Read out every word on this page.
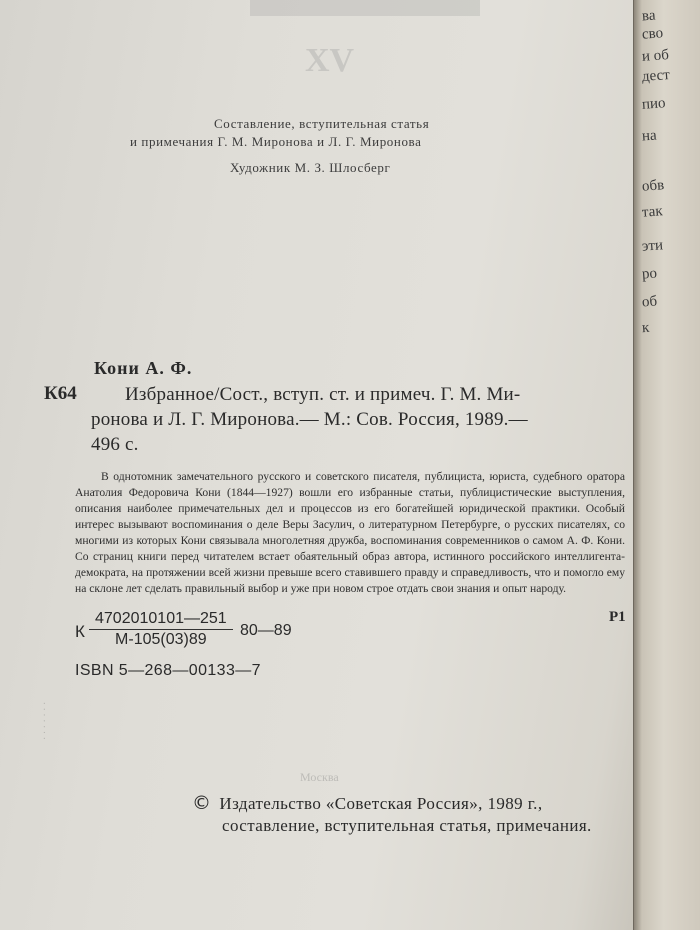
XV
Составление, вступительная статья
и примечания Г. М. Миронова и Л. Г. Миронова
Художник М. З. Шлосберг
Кони А. Ф.
К64	Избранное/Сост., вступ. ст. и примеч. Г. М. Ми-
ронова и Л. Г. Миронова.— М.: Сов. Россия, 1989.—
496 с.

В однотомник замечательного русского и советского писателя, публициста, юриста, судебного оратора Анатолия Федоровича Кони (1844—1927) вошли его избранные статьи, публицистические выступления, описания наиболее примечательных дел и процессов из его богатейшей юридической практики. Особый интерес вызывают воспоминания о деле Веры Засулич, о литературном Петербурге, о русских писателях, со многими из которых Кони связывала многолетняя дружба, воспоминания современников о самом А. Ф. Кони. Со страниц книги перед читателем встает обаятельный образ автора, истинного российского интеллигента-демократа, на протяжении всей жизни превыше всего ставившего правду и справедливость, что и помогло ему на склоне лет сделать правильный выбор и уже при новом строе отдать свои знания и опыт народу.

Р1
К
4702010101—251
М-105(03)89
80—89
ISBN 5—268—00133—7
Москва
· · · · · · ·
© Издательство «Советская Россия», 1989 г.,
составление, вступительная статья, примечания.
ва
сво
и об
дест
пио
на
обв
так
эти
ро
об
к
